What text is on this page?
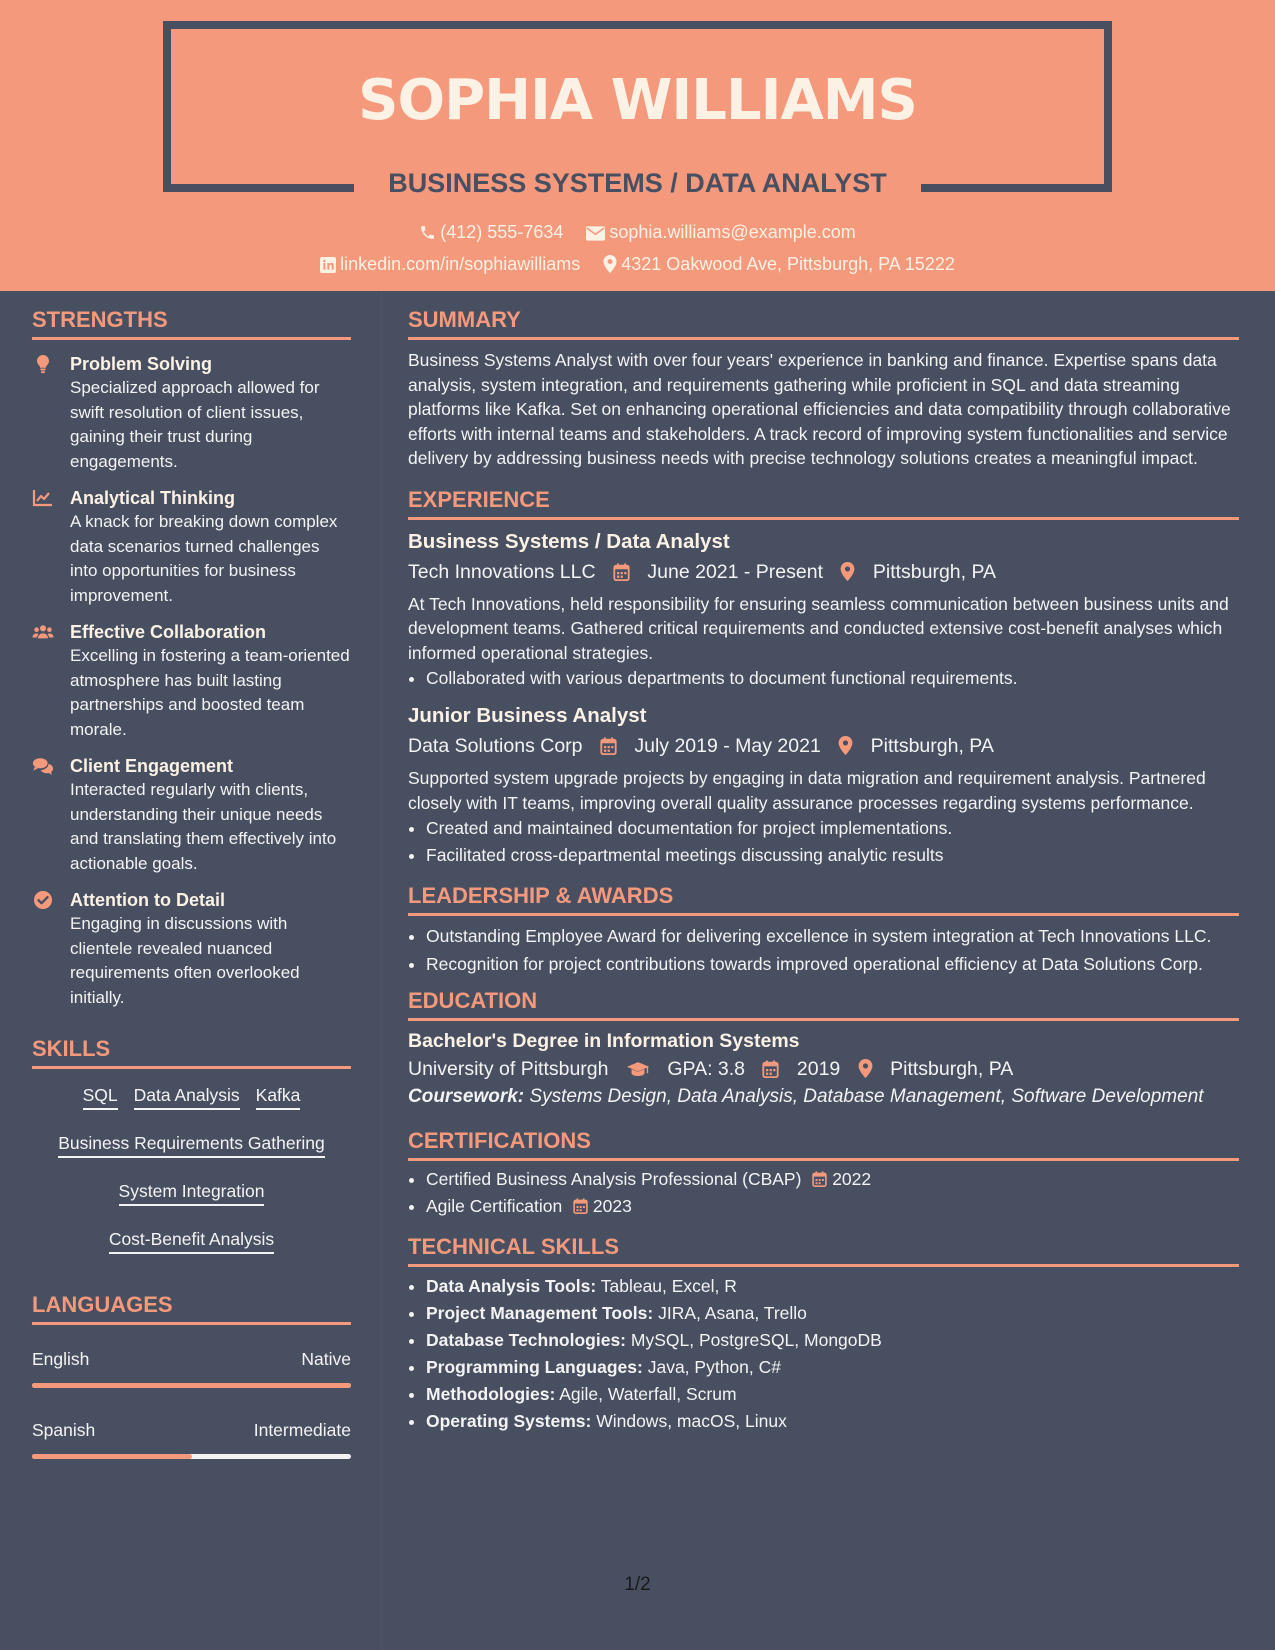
SOPHIA WILLIAMS
BUSINESS SYSTEMS / DATA ANALYST
(412) 555-7634	sophia.williams@example.com
linkedin.com/in/sophiawilliams 4321 Oakwood Ave, Pittsburgh, PA 15222
STRENGTHS
Problem Solving
Specialized approach allowed for swift resolution of client issues, gaining their trust during engagements.
Analytical Thinking
A knack for breaking down complex data scenarios turned challenges into opportunities for business improvement.
Effective Collaboration
Excelling in fostering a team-oriented atmosphere has built lasting partnerships and boosted team morale.
Client Engagement
Interacted regularly with clients, understanding their unique needs and translating them effectively into actionable goals.
Attention to Detail
Engaging in discussions with clientele revealed nuanced requirements often overlooked initially.
SKILLS
SQL Data Analysis Kafka
Business Requirements Gathering
System Integration
Cost-Benefit Analysis
LANGUAGES
English	Native
Spanish	Intermediate
SUMMARY

Business Systems Analyst with over four years' experience in banking and finance. Expertise spans data analysis, system integration, and requirements gathering while proficient in SQL and data streaming platforms like Kafka. Set on enhancing operational efficiencies and data compatibility through collaborative efforts with internal teams and stakeholders. A track record of improving system functionalities and service delivery by addressing business needs with precise technology solutions creates a meaningful impact.

EXPERIENCE
Business Systems / Data Analyst
Tech Innovations LLC	June 2021 - Present	Pittsburgh, PA

At Tech Innovations, held responsibility for ensuring seamless communication between business units and development teams. Gathered critical requirements and conducted extensive cost-benefit analyses which informed operational strategies.

• Collaborated with various departments to document functional requirements.
Junior Business Analyst
Data Solutions Corp	July 2019 - May 2021	Pittsburgh, PA

Supported system upgrade projects by engaging in data migration and requirement analysis. Partnered closely with IT teams, improving overall quality assurance processes regarding systems performance.

• Created and maintained documentation for project implementations.
• Facilitated cross-departmental meetings discussing analytic results
LEADERSHIP & AWARDS
• Outstanding Employee Award for delivering excellence in system integration at Tech Innovations LLC.
• Recognition for project contributions towards improved operational efficiency at Data Solutions Corp.
EDUCATION
Bachelor's Degree in Information Systems
University of Pittsburgh	GPA: 3.8	2019	Pittsburgh, PA
Coursework: Systems Design, Data Analysis, Database Management, Software Development
CERTIFICATIONS
• Certified Business Analysis Professional (CBAP) 2022
• Agile Certification 2023
TECHNICAL SKILLS
• Data Analysis Tools: Tableau, Excel, R
• Project Management Tools: JIRA, Asana, Trello
• Database Technologies: MySQL, PostgreSQL, MongoDB
• Programming Languages: Java, Python, C#
• Methodologies: Agile, Waterfall, Scrum
• Operating Systems: Windows, macOS, Linux
1/2
